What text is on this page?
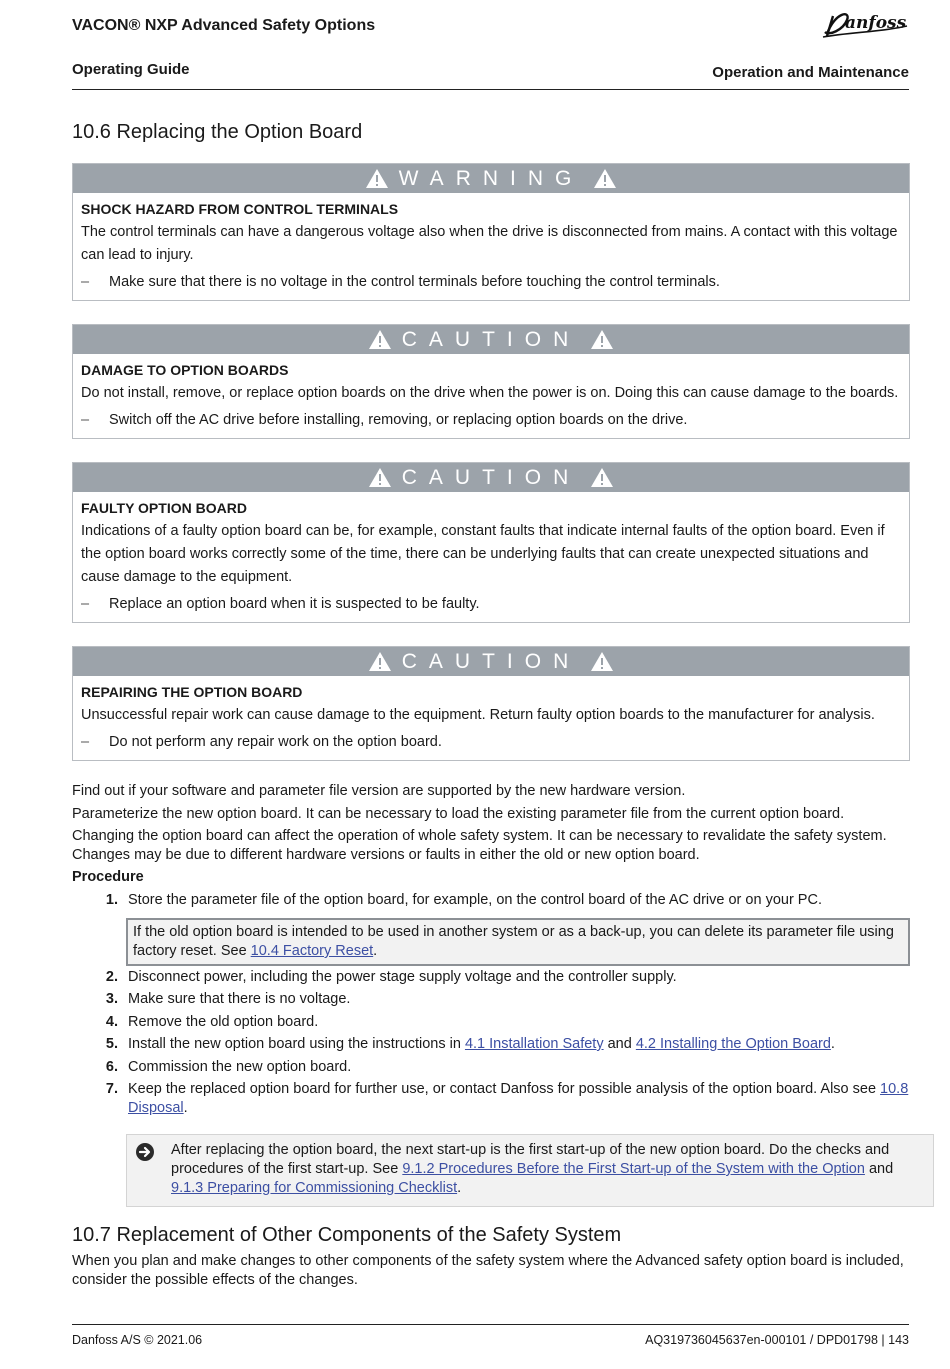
VACON® NXP Advanced Safety Options
Operating Guide	Operation and Maintenance
anfoss
10.6 Replacing the Option Board
WARNING
SHOCK HAZARD FROM CONTROL TERMINALS
The control terminals can have a dangerous voltage also when the drive is disconnected from mains. A contact with this voltage can lead to injury.
–	Make sure that there is no voltage in the control terminals before touching the control terminals.
CAUTION
DAMAGE TO OPTION BOARDS
Do not install, remove, or replace option boards on the drive when the power is on. Doing this can cause damage to the boards.
–	Switch off the AC drive before installing, removing, or replacing option boards on the drive.
CAUTION
FAULTY OPTION BOARD
Indications of a faulty option board can be, for example, constant faults that indicate internal faults of the option board. Even if the option board works correctly some of the time, there can be underlying faults that can create unexpected situations and cause damage to the equipment.
–	Replace an option board when it is suspected to be faulty.
CAUTION
REPAIRING THE OPTION BOARD
Unsuccessful repair work can cause damage to the equipment. Return faulty option boards to the manufacturer for analysis.
–	Do not perform any repair work on the option board.
Find out if your software and parameter file version are supported by the new hardware version.
Parameterize the new option board. It can be necessary to load the existing parameter file from the current option board.
Changing the option board can affect the operation of whole safety system. It can be necessary to revalidate the safety system. Changes may be due to different hardware versions or faults in either the old or new option board.
Procedure
1. Store the parameter file of the option board, for example, on the control board of the AC drive or on your PC.
If the old option board is intended to be used in another system or as a back-up, you can delete its parameter file using factory reset. See 10.4 Factory Reset.
2. Disconnect power, including the power stage supply voltage and the controller supply.
3. Make sure that there is no voltage.
4. Remove the old option board.
5. Install the new option board using the instructions in 4.1 Installation Safety and 4.2 Installing the Option Board.
6. Commission the new option board.
7. Keep the replaced option board for further use, or contact Danfoss for possible analysis of the option board. Also see 10.8 Disposal.
After replacing the option board, the next start-up is the first start-up of the new option board. Do the checks and procedures of the first start-up. See 9.1.2 Procedures Before the First Start-up of the System with the Option and 9.1.3 Preparing for Commissioning Checklist.
10.7 Replacement of Other Components of the Safety System
When you plan and make changes to other components of the safety system where the Advanced safety option board is included, consider the possible effects of the changes.
Danfoss A/S © 2021.06	AQ319736045637en-000101 / DPD01798 | 143
